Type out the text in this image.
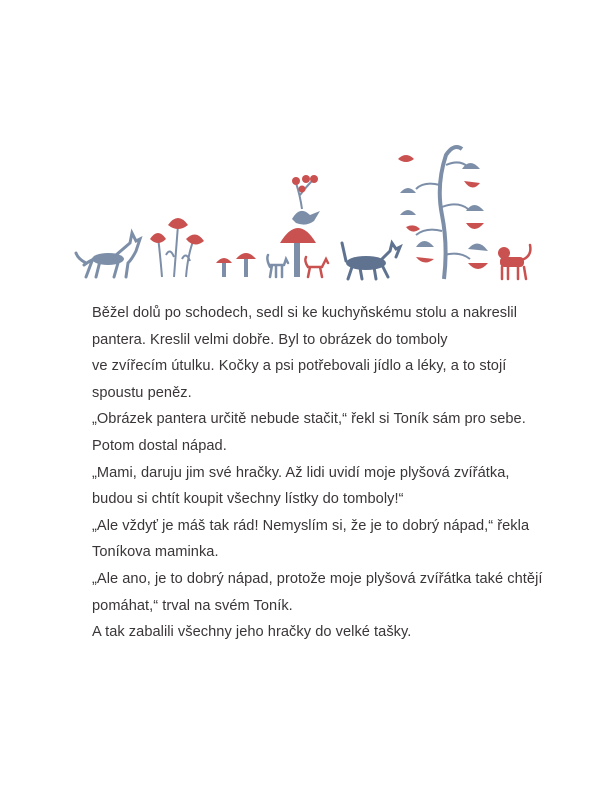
Běžel dolů po schodech, sedl si ke kuchyňskému stolu a nakreslil
pantera. Kreslil velmi dobře. Byl to obrázek do tomboly
ve zvířecím útulku. Kočky a psi potřebovali jídlo a léky, a to stojí
spoustu peněz.
„Obrázek pantera určitě nebude stačit,“ řekl si Toník sám pro sebe.
Potom dostal nápad.
„Mami, daruju jim své hračky. Až lidi uvidí moje plyšová zvířátka,
budou si chtít koupit všechny lístky do tomboly!“
„Ale vždyť je máš tak rád! Nemyslím si, že je to dobrý nápad,“ řekla
Toníkova maminka.
„Ale ano, je to dobrý nápad, protože moje plyšová zvířátka také chtějí
pomáhat,“ trval na svém Toník.
A tak zabalili všechny jeho hračky do velké tašky.
